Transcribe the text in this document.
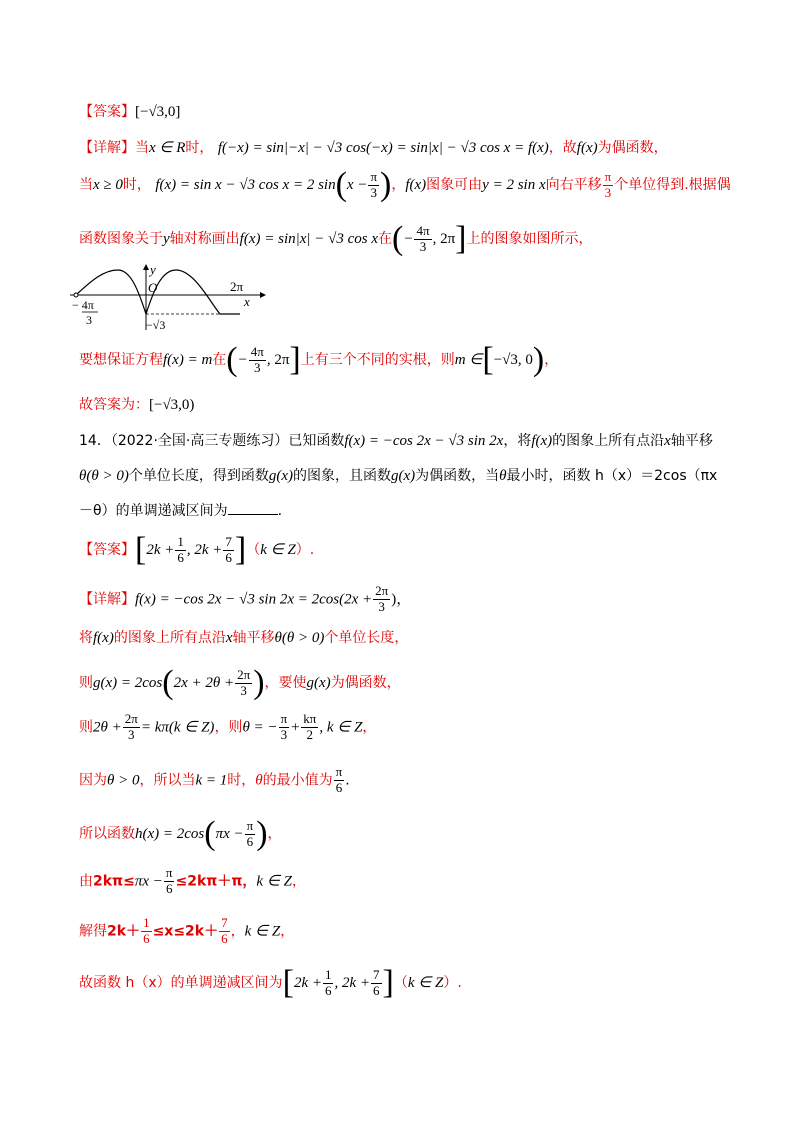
【答案】[−√3,0]
【详解】当x ∈ R时， f(−x) = sin|−x| − √3 cos(−x) = sin|x| − √3 cos x = f(x)，故f(x)为偶函数，
当x ≥ 0时， f(x) = sin x − √3 cos x = 2 $\sin(x - \frac{\pi}{3}$ )，f(x)图象可由y = 2 sin x向右平移 $\frac{\pi}{3}$ 个单位得到.根据偶
函数图象关于y轴对称画出f(x) = sin|x| − √3 cos x在(− $\frac{4\pi}{3}$ , 2π]上的图象如图所示，
y
O	2π
x
− 4π
3	−√3
要想保证方程f(x) = m在(− $\frac{4\pi}{3}$ , 2π]上有三个不同的实根，则m ∈[−√3, 0)，
故答案为：[−√3,0)
14．（2022·全国·高三专题练习）已知函数f(x) = −cos 2x − √3 sin 2x，将f(x)的图象上所有点沿x轴平移
θ(θ > 0)个单位长度，得到函数g(x)的图象，且函数g(x)为偶函数，当θ最小时，函数 h（x）＝2cos（πx
－θ）的单调递减区间为	.
【答案】[$2k + \frac{1}{6}$ , $2k + \frac{7}{6} ](k$ ∈ Z）.
【详解】f(x) = −cos 2x − √3 $\sin 2x = 2\cos(2x + \frac{2\pi}{3}$ )，
将f(x)的图象上所有点沿x轴平移θ(θ > 0)个单位长度，
则$g(x) = 2\cos(2x + 2\theta + \frac{2\pi}{3}$ )，要使g(x)为偶函数，
则$2\theta + \frac{2\pi}{3} = k\pi(k$ ∈ Z)，则θ = − $\frac{\pi}{3} + \frac{k\pi}{2}$ , k ∈ Z，
因为θ > 0，所以当k = 1时，θ的最小值为 $\frac{\pi}{6}$ .
所以函数$h(x) = 2\cos(\pi x - \frac{\pi}{6}$ )，
由$2k\pi\le\pi x - \frac{\pi}{6} \le 2k\pi+\pi$，k ∈ Z，
解得$2k+ \frac{1}{6} \le x\le 2k+ \frac{7}{6}$ ，k ∈ Z，
故函数 h（x）的单调递减区间为[$2k + \frac{1}{6}$ , $2k + \frac{7}{6} ](k$ ∈ Z）.
